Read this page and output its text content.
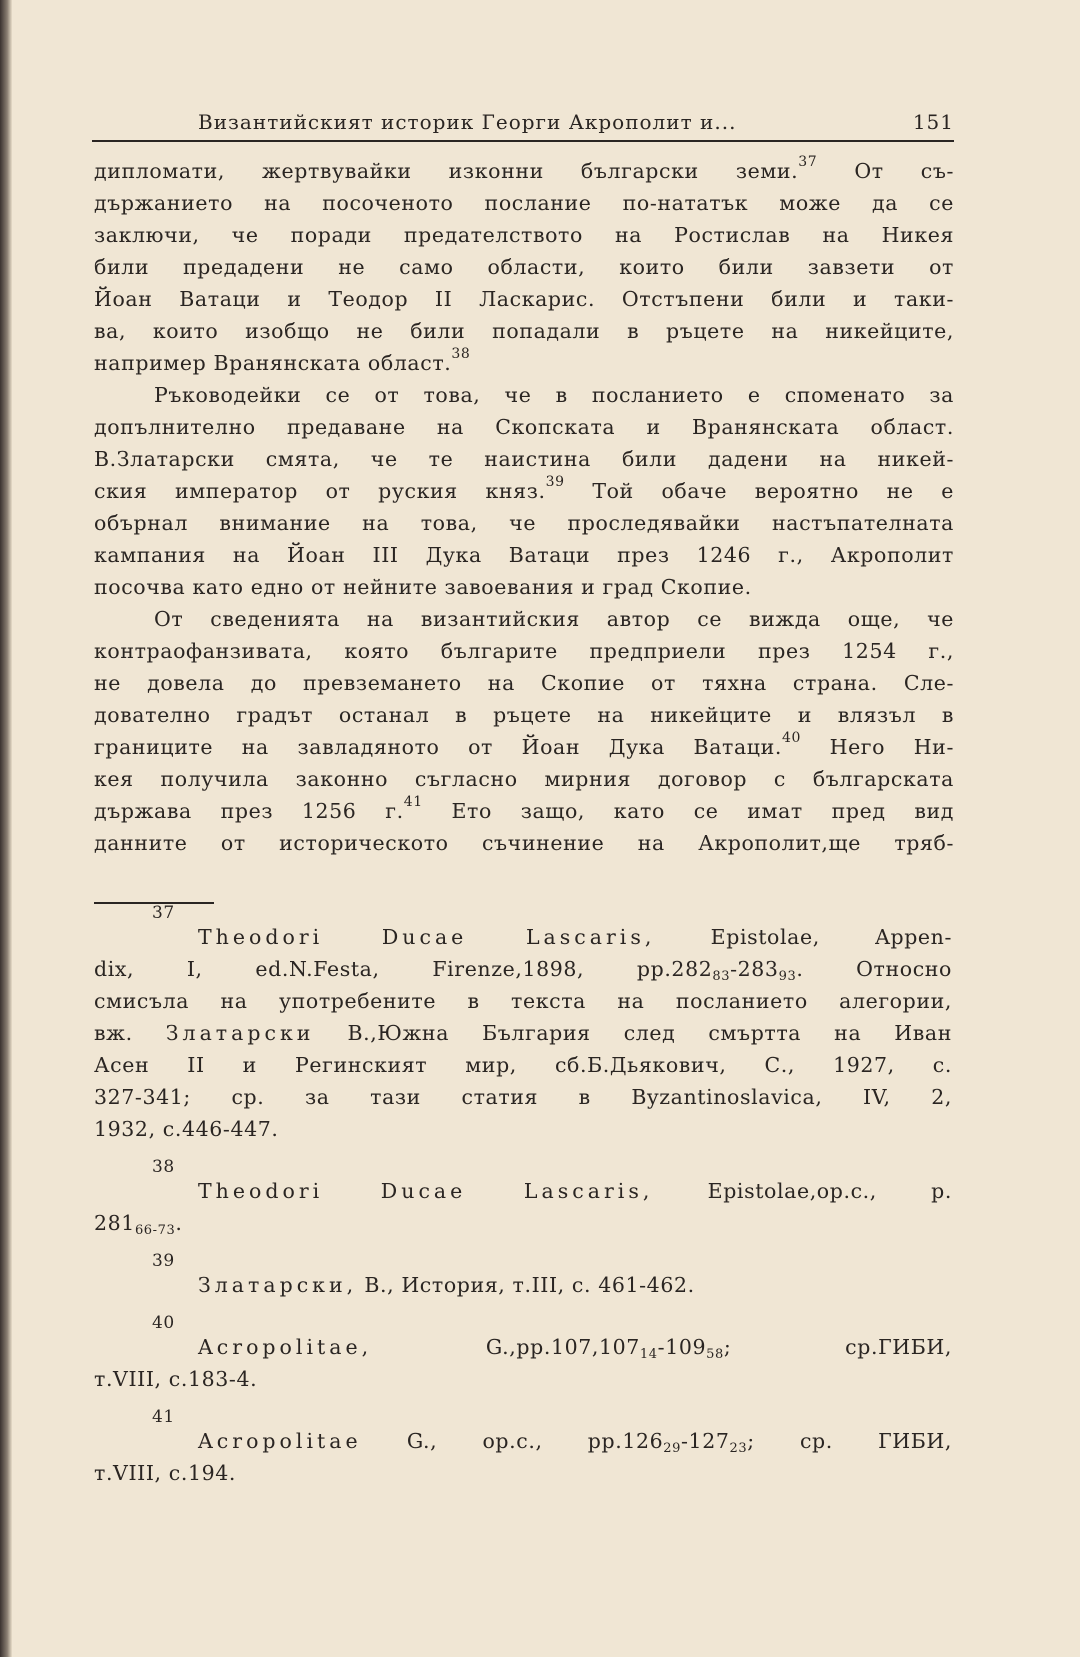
Византийският историк Георги Акрополит и...	151
дипломати, жертвувайки изконни български земи.$^{37}$ От съ-
държанието на посоченото послание по-нататък може да се
заключи, че поради предателството на Ростислав на Никея
били предадени не само области, които били завзети от
Йоан Ватаци и Теодор II Ласкарис. Отстъпени били и таки-
ва, които изобщо не били попадали в ръцете на никейците,
например Вранянската област.$^{38}$
Ръководейки се от това, че в посланието е споменато за
допълнително предаване на Скопската и Вранянската област.
В.Златарски смята, че те наистина били дадени на никей-
ския император от руския княз.$^{39}$ Той обаче вероятно не е
обърнал внимание на това, че проследявайки настъпателната
кампания на Йоан III Дука Ватаци през 1246 г., Акрополит
посочва като едно от нейните завоевания и град Скопие.
От сведенията на византийския автор се вижда още, че
контраофанзивата, която българите предприели през 1254 г.,
не довела до превземането на Скопие от тяхна страна. Сле-
дователно градът останал в ръцете на никейците и влязъл в
границите на завладяното от Йоан Дука Ватаци.$^{40}$ Него Ни-
кея получила законно съгласно мирния договор с българската
държава през 1256 г.$^{41}$ Ето защо, като се имат пред вид
данните от историческото съчинение на Акрополит,ще тряб-
37
Theodori Ducae Lascaris,	Epistolae, Appen-
dix, I, ed.N.Festa, Firenze,1898, $pp.282_{83}-283_{93}$. Относно
смисъла на употребените в текста на посланието алегории,
вж. Златарски В.,Южна България след смъртта на Иван
Асен II и Регинският мир, сб.Б.Дьякович, С., 1927, с.
327-341; ср. за тази статия в Byzantinoslavica, IV, 2,
1932, с.446-447.
38
Theodori Ducae Lascaris,	Epistolae,op.c., p.
$281_{66-73}$.
39
Златарски, В., История, т.III, с. 461-462.
40
Acropolitae,	$G.,pp.107,107_{14}-109_{58}$; ср.ГИБИ,
т.VIII, с.183-4.
41
Acropolitae G., op.c., $pp.126_{29}-127_{23}$; ср. ГИБИ,
т.VIII, с.194.
